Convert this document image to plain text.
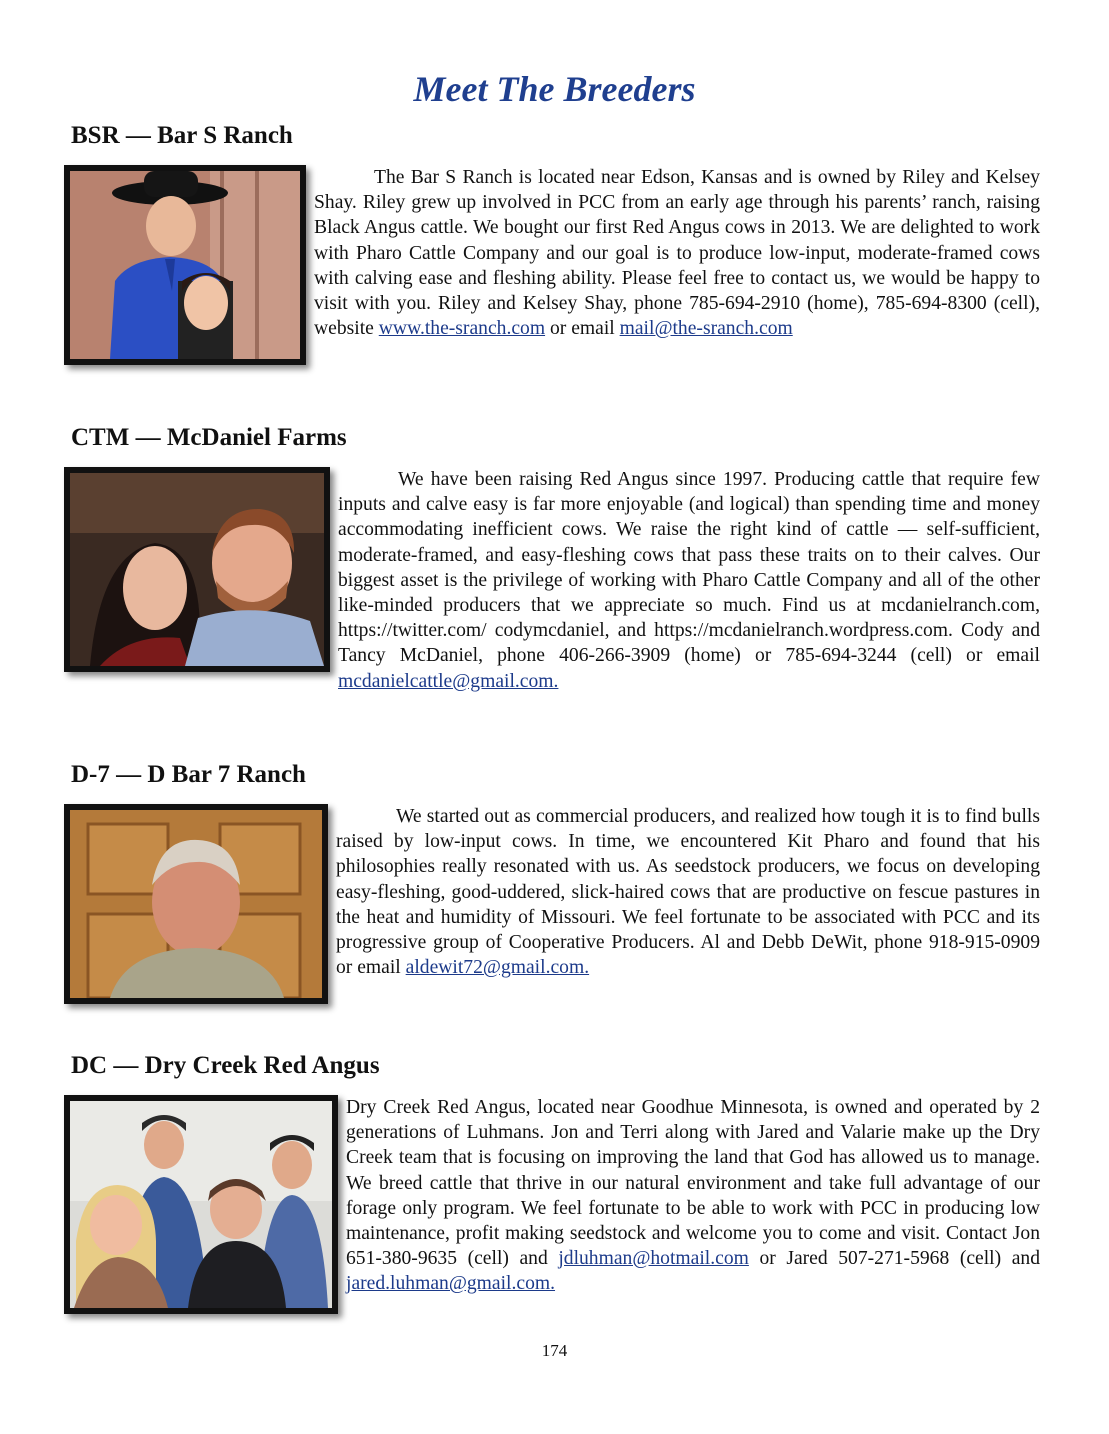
Meet The Breeders
BSR — Bar S Ranch
The Bar S Ranch is located near Edson, Kansas and is owned by Riley and Kelsey Shay. Riley grew up involved in PCC from an early age through his parents’ ranch, raising Black Angus cattle. We bought our first Red Angus cows in 2013. We are delighted to work with Pharo Cattle Company and our goal is to produce low-input, moderate-framed cows with calving ease and fleshing ability. Please feel free to contact us, we would be happy to visit with you. Riley and Kelsey Shay, phone 785-694-2910 (home), 785-694-8300 (cell), website www.the-sranch.com or email mail@the-sranch.com
CTM — McDaniel Farms
We have been raising Red Angus since 1997. Producing cattle that require few inputs and calve easy is far more enjoyable (and logical) than spending time and money accommodating inefficient cows. We raise the right kind of cattle — self-sufficient, moderate-framed, and easy-fleshing cows that pass these traits on to their calves. Our biggest asset is the privilege of working with Pharo Cattle Company and all of the other like-minded producers that we appreciate so much. Find us at mcdanielranch.com, https://twitter.com/ codymcdaniel, and https://mcdanielranch.wordpress.com. Cody and Tancy McDaniel, phone 406-266-3909 (home) or 785-694-3244 (cell) or email mcdanielcattle@gmail.com.
D-7 — D Bar 7 Ranch
We started out as commercial producers, and realized how tough it is to find bulls raised by low-input cows. In time, we encountered Kit Pharo and found that his philosophies really resonated with us. As seedstock producers, we focus on developing easy-fleshing, good-uddered, slick-haired cows that are productive on fescue pastures in the heat and humidity of Missouri. We feel fortunate to be associated with PCC and its progressive group of Cooperative Producers. Al and Debb DeWit, phone 918-915-0909 or email aldewit72@gmail.com.
DC — Dry Creek Red Angus
Dry Creek Red Angus, located near Goodhue Minnesota, is owned and operated by 2 generations of Luhmans. Jon and Terri along with Jared and Valarie make up the Dry Creek team that is focusing on improving the land that God has allowed us to manage. We breed cattle that thrive in our natural environment and take full advantage of our forage only program. We feel fortunate to be able to work with PCC in producing low maintenance, profit making seedstock and welcome you to come and visit. Contact Jon 651-380-9635 (cell) and jdluhman@hotmail.com or Jared 507-271-5968 (cell) and jared.luhman@gmail.com.
174
